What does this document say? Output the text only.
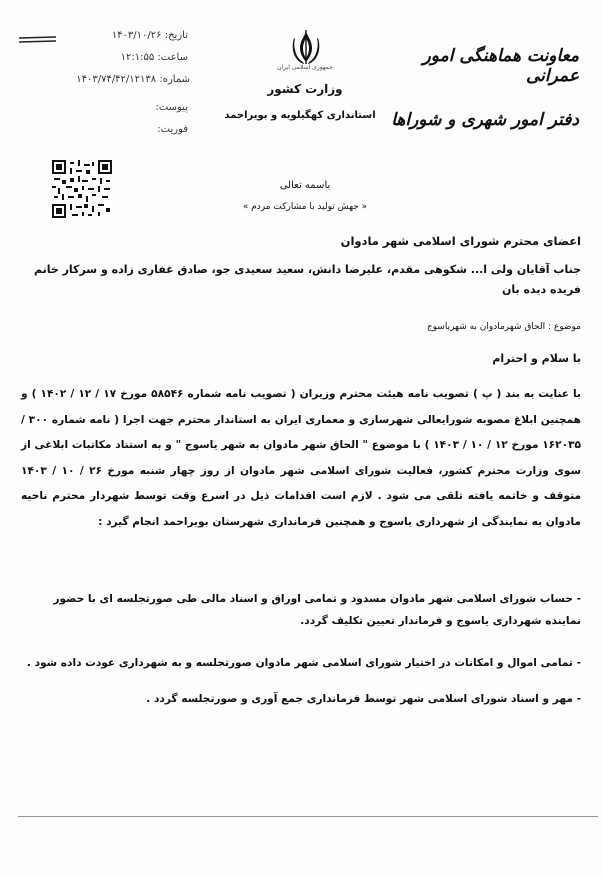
تاریخ: ۱۴۰۳/۱۰/۲۶
ساعت: ۱۲:۱:۵۵
شماره: ۱۴۰۳/۷۴/۴۲/۱۲۱۳۸
پیوست:
فوریت:
جمهوری اسلامی ایران
وزارت کشور
استانداری کهگیلویه و بویراحمد
معاونت هماهنگی امور عمرانی
دفتر امور شهری و شوراها
باسمه تعالی
« جهش تولید با مشارکت مردم »
اعضای محترم شورای اسلامی شهر مادوان
جناب آقایان ولی ا... شکوهی مقدم، علیرضا دانش، سعید سعیدی جو، صادق غفاری زاده و سرکار خانم فریده دیده بان
موضوع : الحاق شهرمادوان به شهریاسوج
با سلام و احترام
با عنایت به بند ( پ ) تصویب نامه هیئت محترم وزیران ( تصویب نامه شماره ۵۸۵۴۶ مورخ ۱۷ / ۱۲ / ۱۴۰۲ ) و همچنین ابلاغ مصوبه شورایعالی شهرسازی و معماری ایران به استاندار محترم جهت اجرا ( نامه شماره ۳۰۰ / ۱۶۲۰۳۵ مورخ ۱۲ / ۱۰ / ۱۴۰۳ ) با موضوع " الحاق شهر مادوان به شهر یاسوج " و به استناد مکاتبات ابلاغی از سوی وزارت محترم کشور، فعالیت شورای اسلامی شهر مادوان از روز چهار شنبه مورخ ۲۶ / ۱۰ / ۱۴۰۳ متوقف و خاتمه یافته تلقی می شود . لازم است اقدامات ذیل در اسرع وقت توسط شهردار محترم ناحیه مادوان به نمایندگی از شهرداری یاسوج و همچنین فرمانداری شهرستان بویراحمد انجام گیرد :
- حساب شورای اسلامی شهر مادوان مسدود و تمامی اوراق و اسناد مالی طی صورتجلسه ای با حضور نماینده شهرداری یاسوج و فرماندار تعیین تکلیف گردد.
- تمامی اموال و امکانات در اختیار شورای اسلامی شهر مادوان صورتجلسه و به شهرداری عودت داده شود .
- مهر و اسناد شورای اسلامی شهر توسط فرمانداری جمع آوری و صورتجلسه گردد .
